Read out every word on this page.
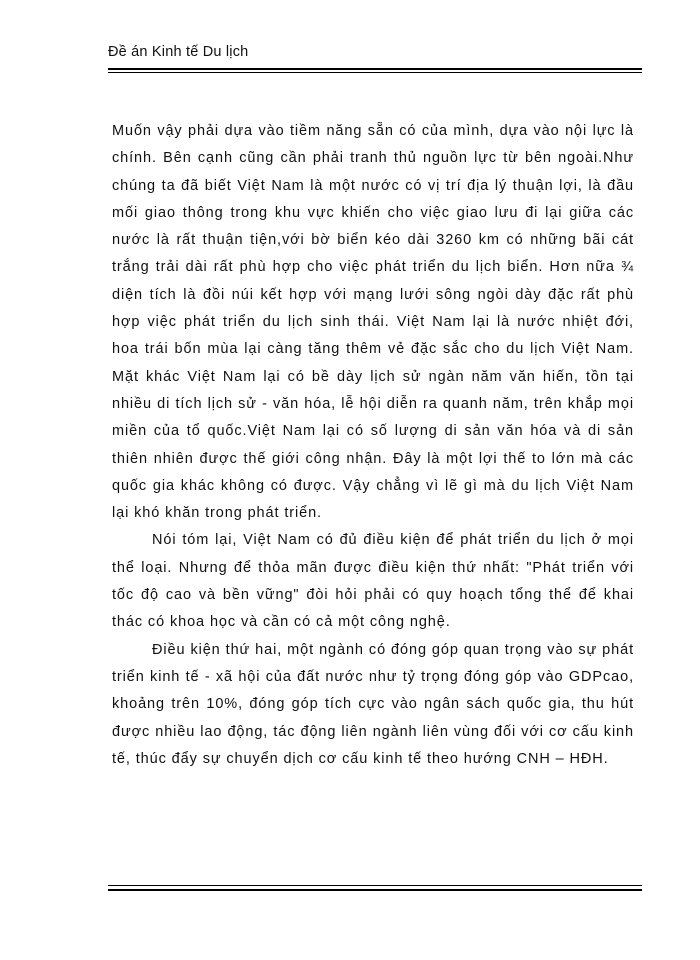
Đề án Kinh tế Du lịch

Muốn vậy phải dựa vào tiềm năng sẵn có của mình, dựa vào nội lực là chính. Bên cạnh cũng cần phải tranh thủ nguồn lực từ bên ngoài.Như chúng ta đã biết Việt Nam là một nước có vị trí địa lý thuận lợi, là đầu mối giao thông trong khu vực khiến cho việc giao lưu đi lại giữa các nước là rất thuận tiện,với bờ biển kéo dài 3260 km có những bãi cát trắng trải dài rất phù hợp cho việc phát triển du lịch biển. Hơn nữa ¾ diện tích là đồi núi kết hợp với mạng lưới sông ngòi dày đặc rất phù hợp việc phát triển du lịch sinh thái. Việt Nam lại là nước nhiệt đới, hoa trái bốn mùa lại càng tăng thêm vẻ đặc sắc cho du lịch Việt Nam. Mặt khác Việt Nam lại có bề dày lịch sử ngàn năm văn hiến, tồn tại nhiều di tích lịch sử - văn hóa, lễ hội diễn ra quanh năm, trên khắp mọi miền của tổ quốc.Việt Nam lại có số lượng di sản văn hóa và di sản thiên nhiên được thế giới công nhận. Đây là một lợi thế to lớn mà các quốc gia khác không có được. Vậy chẳng vì lẽ gì mà du lịch Việt Nam lại khó khăn trong phát triển.

Nói tóm lại, Việt Nam có đủ điều kiện để phát triển du lịch ở mọi thể loại. Nhưng để thỏa mãn được điều kiện thứ nhất: "Phát triển với tốc độ cao và bền vững" đòi hỏi phải có quy hoạch tổng thể để khai thác có khoa học và cần có cả một công nghệ.

Điều kiện thứ hai, một ngành có đóng góp quan trọng vào sự phát triển kinh tế - xã hội của đất nước như tỷ trọng đóng góp vào GDPcao, khoảng trên 10%, đóng góp tích cực vào ngân sách quốc gia, thu hút được nhiều lao động, tác động liên ngành liên vùng đối với cơ cấu kinh tế, thúc đẩy sự chuyển dịch cơ cấu kinh tế theo hướng CNH – HĐH.
